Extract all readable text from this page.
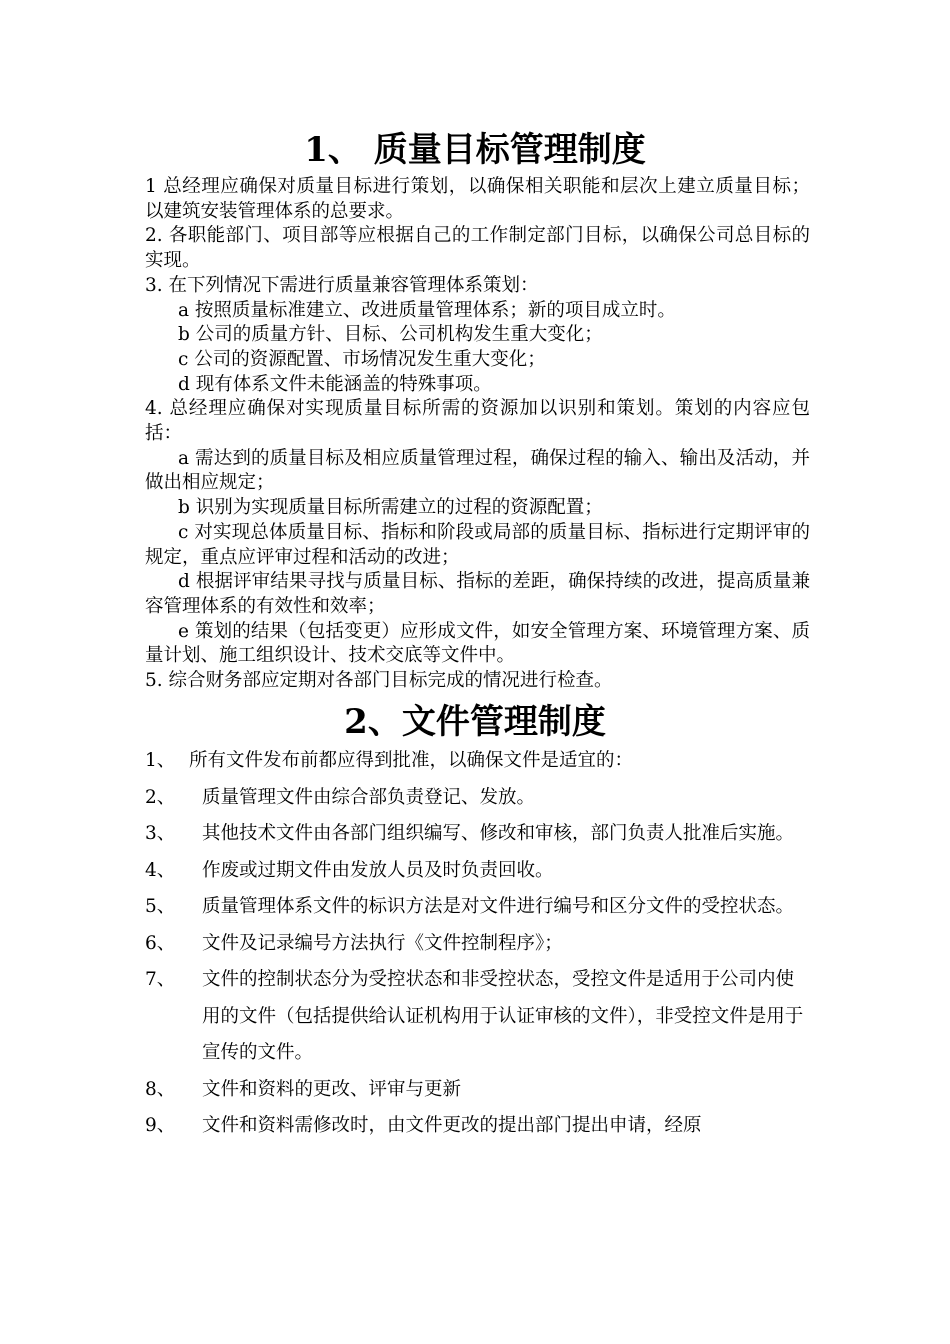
1、 质量目标管理制度

1 总经理应确保对质量目标进行策划，以确保相关职能和层次上建立质量目标；以建筑安装管理体系的总要求。

2. 各职能部门、项目部等应根据自己的工作制定部门目标，以确保公司总目标的实现。

3. 在下列情况下需进行质量兼容管理体系策划：

a 按照质量标准建立、改进质量管理体系；新的项目成立时。

b 公司的质量方针、目标、公司机构发生重大变化；

c 公司的资源配置、市场情况发生重大变化；

d 现有体系文件未能涵盖的特殊事项。

4. 总经理应确保对实现质量目标所需的资源加以识别和策划。策划的内容应包括：

a 需达到的质量目标及相应质量管理过程，确保过程的输入、输出及活动，并做出相应规定；

b 识别为实现质量目标所需建立的过程的资源配置；

c 对实现总体质量目标、指标和阶段或局部的质量目标、指标进行定期评审的规定，重点应评审过程和活动的改进；

d 根据评审结果寻找与质量目标、指标的差距，确保持续的改进，提高质量兼容管理体系的有效性和效率；

e 策划的结果（包括变更）应形成文件，如安全管理方案、环境管理方案、质量计划、施工组织设计、技术交底等文件中。

5. 综合财务部应定期对各部门目标完成的情况进行检查。

2、文件管理制度
1、 所有文件发布前都应得到批准，以确保文件是适宜的：
2、 质量管理文件由综合部负责登记、发放。
3、 其他技术文件由各部门组织编写、修改和审核，部门负责人批准后实施。
4、 作废或过期文件由发放人员及时负责回收。
5、 质量管理体系文件的标识方法是对文件进行编号和区分文件的受控状态。
6、 文件及记录编号方法执行《文件控制程序》；
7、 文件的控制状态分为受控状态和非受控状态，受控文件是适用于公司内使用的文件（包括提供给认证机构用于认证审核的文件），非受控文件是用于宣传的文件。
8、 文件和资料的更改、评审与更新
9、 文件和资料需修改时，由文件更改的提出部门提出申请，经原
